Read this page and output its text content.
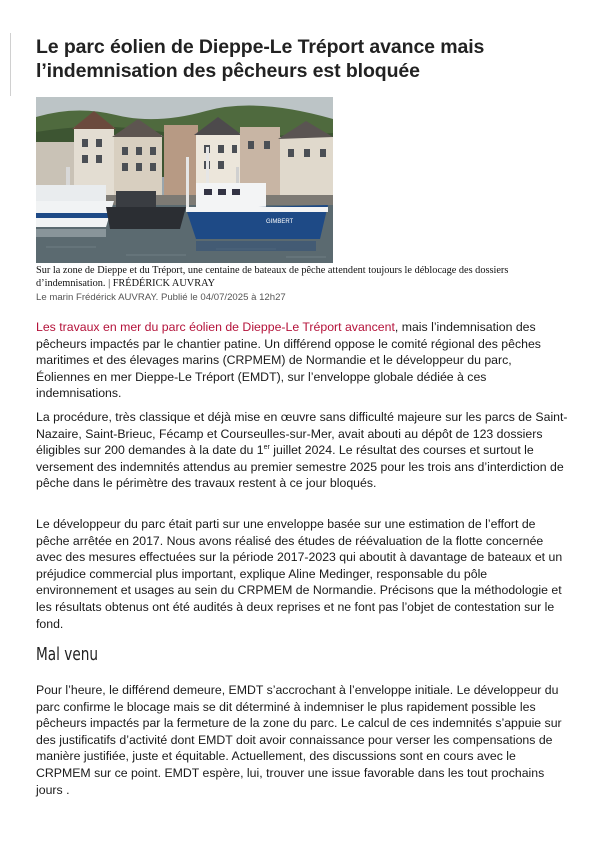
Le parc éolien de Dieppe-Le Tréport avance mais l’indemnisation des pêcheurs est bloquée
GIMBERT
Sur la zone de Dieppe et du Tréport, une centaine de bateaux de pêche attendent toujours le déblocage des dossiers d’indemnisation. | FRÉDÉRICK AUVRAY
Le marin Frédérick AUVRAY. Publié le 04/07/2025 à 12h27

Les travaux en mer du parc éolien de Dieppe-Le Tréport avancent, mais l’indemnisation des pêcheurs impactés par le chantier patine. Un différend oppose le comité régional des pêches maritimes et des élevages marins (CRPMEM) de Normandie et le développeur du parc, Éoliennes en mer Dieppe-Le Tréport (EMDT), sur l’enveloppe globale dédiée à ces indemnisations.

La procédure, très classique et déjà mise en œuvre sans difficulté majeure sur les parcs de Saint-Nazaire, Saint-Brieuc, Fécamp et Courseulles-sur-Mer, avait abouti au dépôt de 123 dossiers éligibles sur 200 demandes à la date du 1er juillet 2024. Le résultat des courses et surtout le versement des indemnités attendus au premier semestre 2025 pour les trois ans d’interdiction de pêche dans le périmètre des travaux restent à ce jour bloqués.

Le développeur du parc était parti sur une enveloppe basée sur une estimation de l’effort de pêche arrêtée en 2017. Nous avons réalisé des études de réévaluation de la flotte concernée avec des mesures effectuées sur la période 2017-2023 qui aboutit à davantage de bateaux et un préjudice commercial plus important, explique Aline Medinger, responsable du pôle environnement et usages au sein du CRPMEM de Normandie. Précisons que la méthodologie et les résultats obtenus ont été audités à deux reprises et ne font pas l’objet de contestation sur le fond.

Mal venu

Pour l’heure, le différend demeure, EMDT s’accrochant à l’enveloppe initiale. Le développeur du parc confirme le blocage mais se dit déterminé à indemniser le plus rapidement possible les pêcheurs impactés par la fermeture de la zone du parc. Le calcul de ces indemnités s’appuie sur des justificatifs d’activité dont EMDT doit avoir connaissance pour verser les compensations de manière justifiée, juste et équitable. Actuellement, des discussions sont en cours avec le CRPMEM sur ce point. EMDT espère, lui, trouver une issue favorable dans les tout prochains jours .
